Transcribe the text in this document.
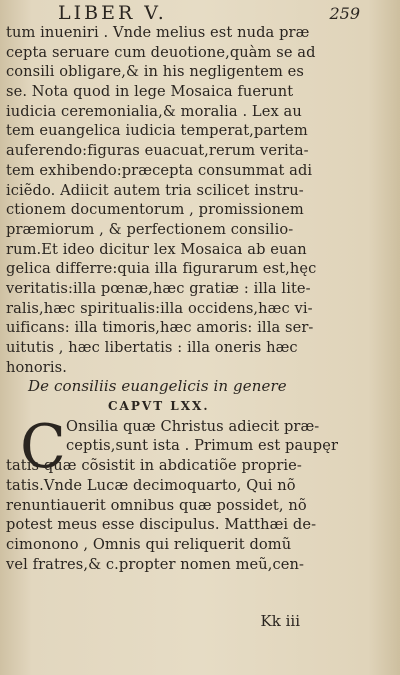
LIBER V.	259
tum inueniri . Vnde melius est nuda præ
cepta seruare cum deuotione,quàm se ad
consili obligare,& in his negligentem es
se. Nota quod in lege Mosaica fuerunt
iudicia ceremonialia,& moralia . Lex au
tem euangelica iudicia temperat,partem
auferendo:figuras euacuat,rerum verita-
tem exhibendo:præcepta consummat adi
iciẽdo. Adiicit autem tria scilicet instru-
ctionem documentorum , promissionem
præmiorum , & perfectionem consilio-
rum.Et ideo dicitur lex Mosaica ab euan
gelica differre:quia illa figurarum est,hęc
veritatis:illa pœnæ,hæc gratiæ : illa lite-
ralis,hæc spiritualis:illa occidens,hæc vi-
uificans: illa timoris,hæc amoris: illa ser-
uitutis , hæc libertatis : illa oneris hæc
honoris.
De consiliis euangelicis in genere
CAPVT LXX.
C Onsilia quæ Christus adiecit præ-
ceptis,sunt ista . Primum est paupęr
tatis quæ cõsistit in abdicatiõe proprie-
tatis.Vnde Lucæ decimoquarto, Qui nõ
renuntiauerit omnibus quæ possidet, nõ
potest meus esse discipulus. Matthæi de-
cimonono , Omnis qui reliquerit domũ
vel fratres,& c.propter nomen meũ,cen-
Kk iii
